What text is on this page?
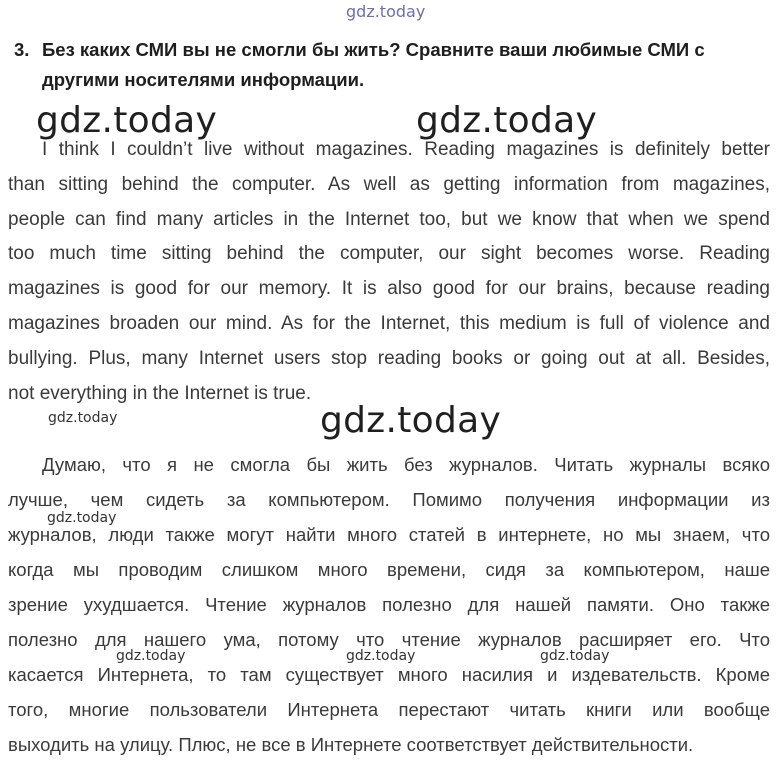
gdz.today
gdz.today	gdz.today
gdz.today	gdz.today
gdz.today
gdz.today	gdz.today	gdz.today
3. Без каких СМИ вы не смогли бы жить? Сравните ваши любимые СМИ с
другими носителями информации.
I think I couldn’t live without magazines. Reading magazines is definitely better
than sitting behind the computer. As well as getting information from magazines,
people can find many articles in the Internet too, but we know that when we spend
too much time sitting behind the computer, our sight becomes worse. Reading
magazines is good for our memory. It is also good for our brains, because reading
magazines broaden our mind. As for the Internet, this medium is full of violence and
bullying. Plus, many Internet users stop reading books or going out at all. Besides,
not everything in the Internet is true.
Думаю, что я не смогла бы жить без журналов. Читать журналы всяко
лучше, чем сидеть за компьютером. Помимо получения информации из
журналов, люди также могут найти много статей в интернете, но мы знаем, что
когда мы проводим слишком много времени, сидя за компьютером, наше
зрение ухудшается. Чтение журналов полезно для нашей памяти. Оно также
полезно для нашего ума, потому что чтение журналов расширяет его. Что
касается Интернета, то там существует много насилия и издевательств. Кроме
того, многие пользователи Интернета перестают читать книги или вообще
выходить на улицу. Плюс, не все в Интернете соответствует действительности.
